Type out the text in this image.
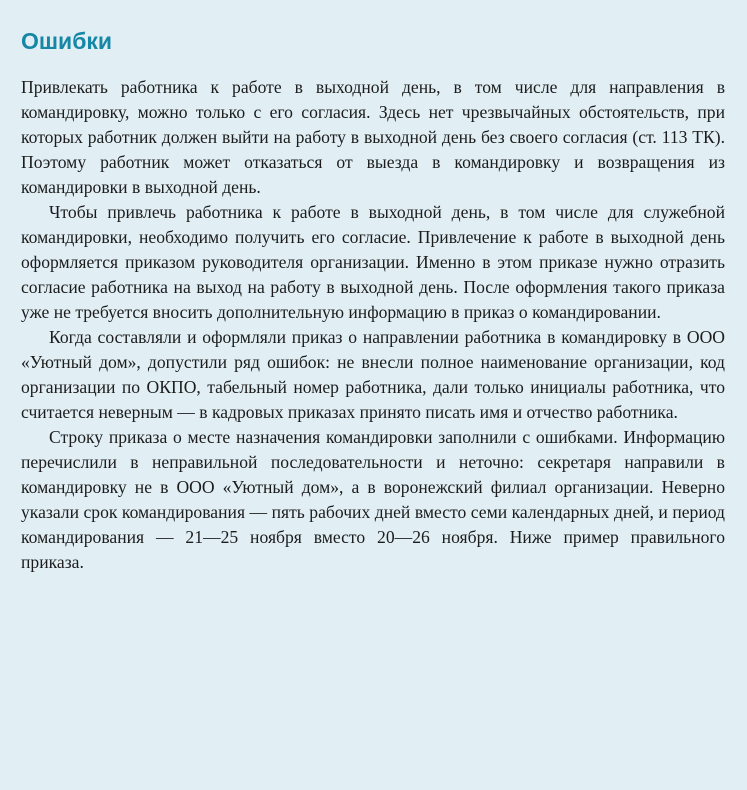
Ошибки

Привлекать работника к работе в выходной день, в том числе для направления в командировку, можно только с его согласия. Здесь нет чрезвычайных обстоятельств, при которых работник должен выйти на работу в выходной день без своего согласия (ст. 113 ТК). Поэтому работник может отказаться от выезда в командировку и возвращения из командировки в выходной день.

Чтобы привлечь работника к работе в выходной день, в том числе для служебной командировки, необходимо получить его согласие. Привлечение к работе в выходной день оформляется приказом руководителя организации. Именно в этом приказе нужно отразить согласие работника на выход на работу в выходной день. После оформления такого приказа уже не требуется вносить дополнительную информацию в приказ о командировании.

Когда составляли и оформляли приказ о направлении работника в командировку в ООО «Уютный дом», допустили ряд ошибок: не внесли полное наименование организации, код организации по ОКПО, табельный номер работника, дали только инициалы работника, что считается неверным — в кадровых приказах принято писать имя и отчество работника.

Строку приказа о месте назначения командировки заполнили с ошибками. Информацию перечислили в неправильной последовательности и неточно: секретаря направили в командировку не в ООО «Уютный дом», а в воронежский филиал организации. Неверно указали срок командирования — пять рабочих дней вместо семи календарных дней, и период командирования — 21—25 ноября вместо 20—26 ноября. Ниже пример правильного приказа.
